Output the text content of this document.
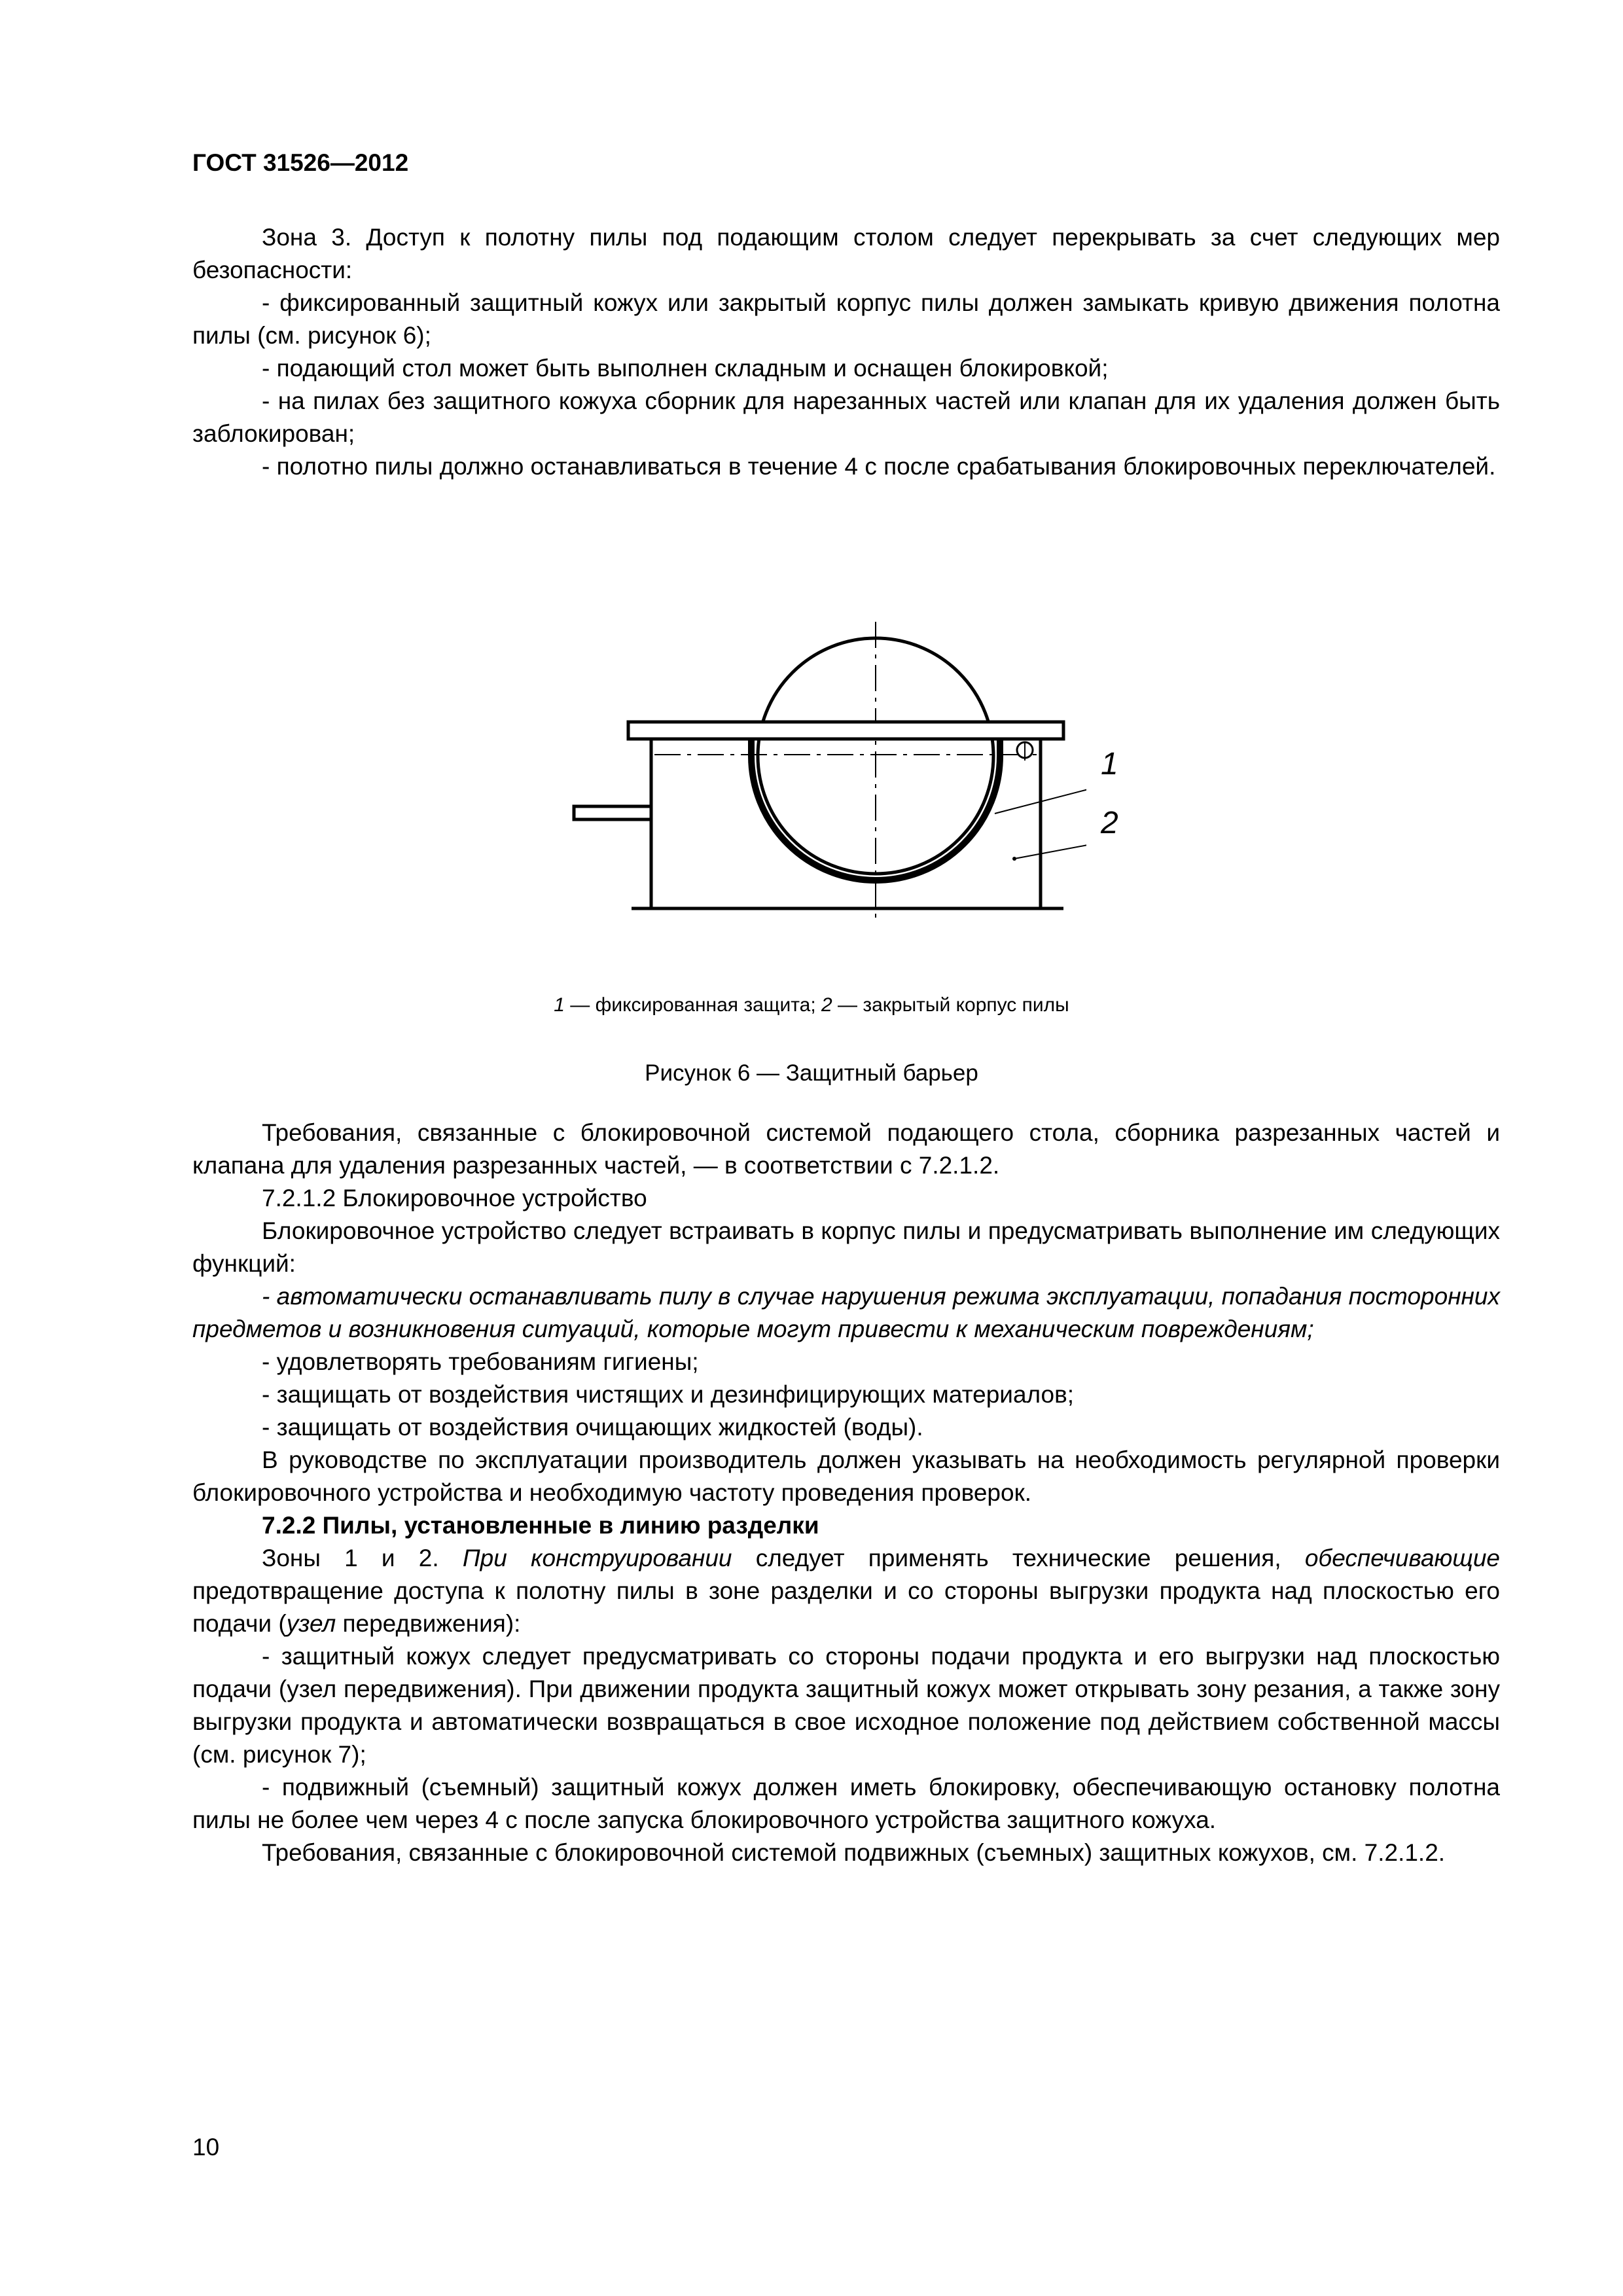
ГОСТ 31526—2012

Зона 3. Доступ к полотну пилы под подающим столом следует перекрывать за счет следующих мер безопасности:

- фиксированный защитный кожух или закрытый корпус пилы должен замыкать кривую движения полотна пилы (см. рисунок 6);

- подающий стол может быть выполнен складным и оснащен блокировкой;

- на пилах без защитного кожуха сборник для нарезанных частей или клапан для их удаления должен быть заблокирован;

- полотно пилы должно останавливаться в течение 4 с после срабатывания блокировочных переключателей.

1
2
1 — фиксированная защита; 2 — закрытый корпус пилы
Рисунок 6 — Защитный барьер

Требования, связанные с блокировочной системой подающего стола, сборника разрезанных частей и клапана для удаления разрезанных частей, — в соответствии с 7.2.1.2.

7.2.1.2 Блокировочное устройство

Блокировочное устройство следует встраивать в корпус пилы и предусматривать выполнение им следующих функций:

- автоматически останавливать пилу в случае нарушения режима эксплуатации, попадания посторонних предметов и возникновения ситуаций, которые могут привести к механическим повреждениям;

- удовлетворять требованиям гигиены;

- защищать от воздействия чистящих и дезинфицирующих материалов;

- защищать от воздействия очищающих жидкостей (воды).

В руководстве по эксплуатации производитель должен указывать на необходимость регулярной проверки блокировочного устройства и необходимую частоту проведения проверок.

7.2.2 Пилы, установленные в линию разделки

Зоны 1 и 2. При конструировании следует применять технические решения, обеспечивающие предотвращение доступа к полотну пилы в зоне разделки и со стороны выгрузки продукта над плоскостью его подачи (узел передвижения):

- защитный кожух следует предусматривать со стороны подачи продукта и его выгрузки над плоскостью подачи (узел передвижения). При движении продукта защитный кожух может открывать зону резания, а также зону выгрузки продукта и автоматически возвращаться в свое исходное положение под действием собственной массы (см. рисунок 7);

- подвижный (съемный) защитный кожух должен иметь блокировку, обеспечивающую остановку полотна пилы не более чем через 4 с после запуска блокировочного устройства защитного кожуха.

Требования, связанные с блокировочной системой подвижных (съемных) защитных кожухов, см. 7.2.1.2.

10
